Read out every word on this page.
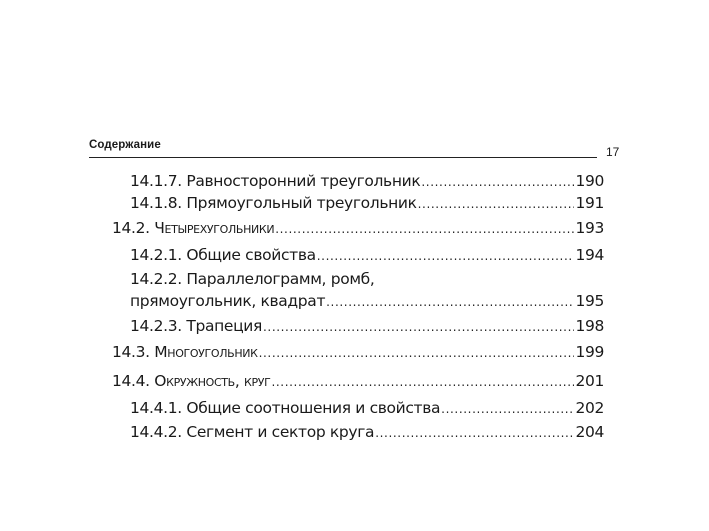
Содержание	17
14.1.7. Равносторонний треугольник .....	190
14.1.8. Прямоугольный треугольник .....	191
14.2. Четырехугольники .....	193
14.2.1. Общие свойства .....	194
14.2.2. Параллелограмм, ромб,
прямоугольник, квадрат .....	195
14.2.3. Трапеция .....	198
14.3. Многоугольник .....	199
14.4. Окружность, круг .....	201
14.4.1. Общие соотношения и свойства .....	202
14.4.2. Сегмент и сектор круга .....	204
